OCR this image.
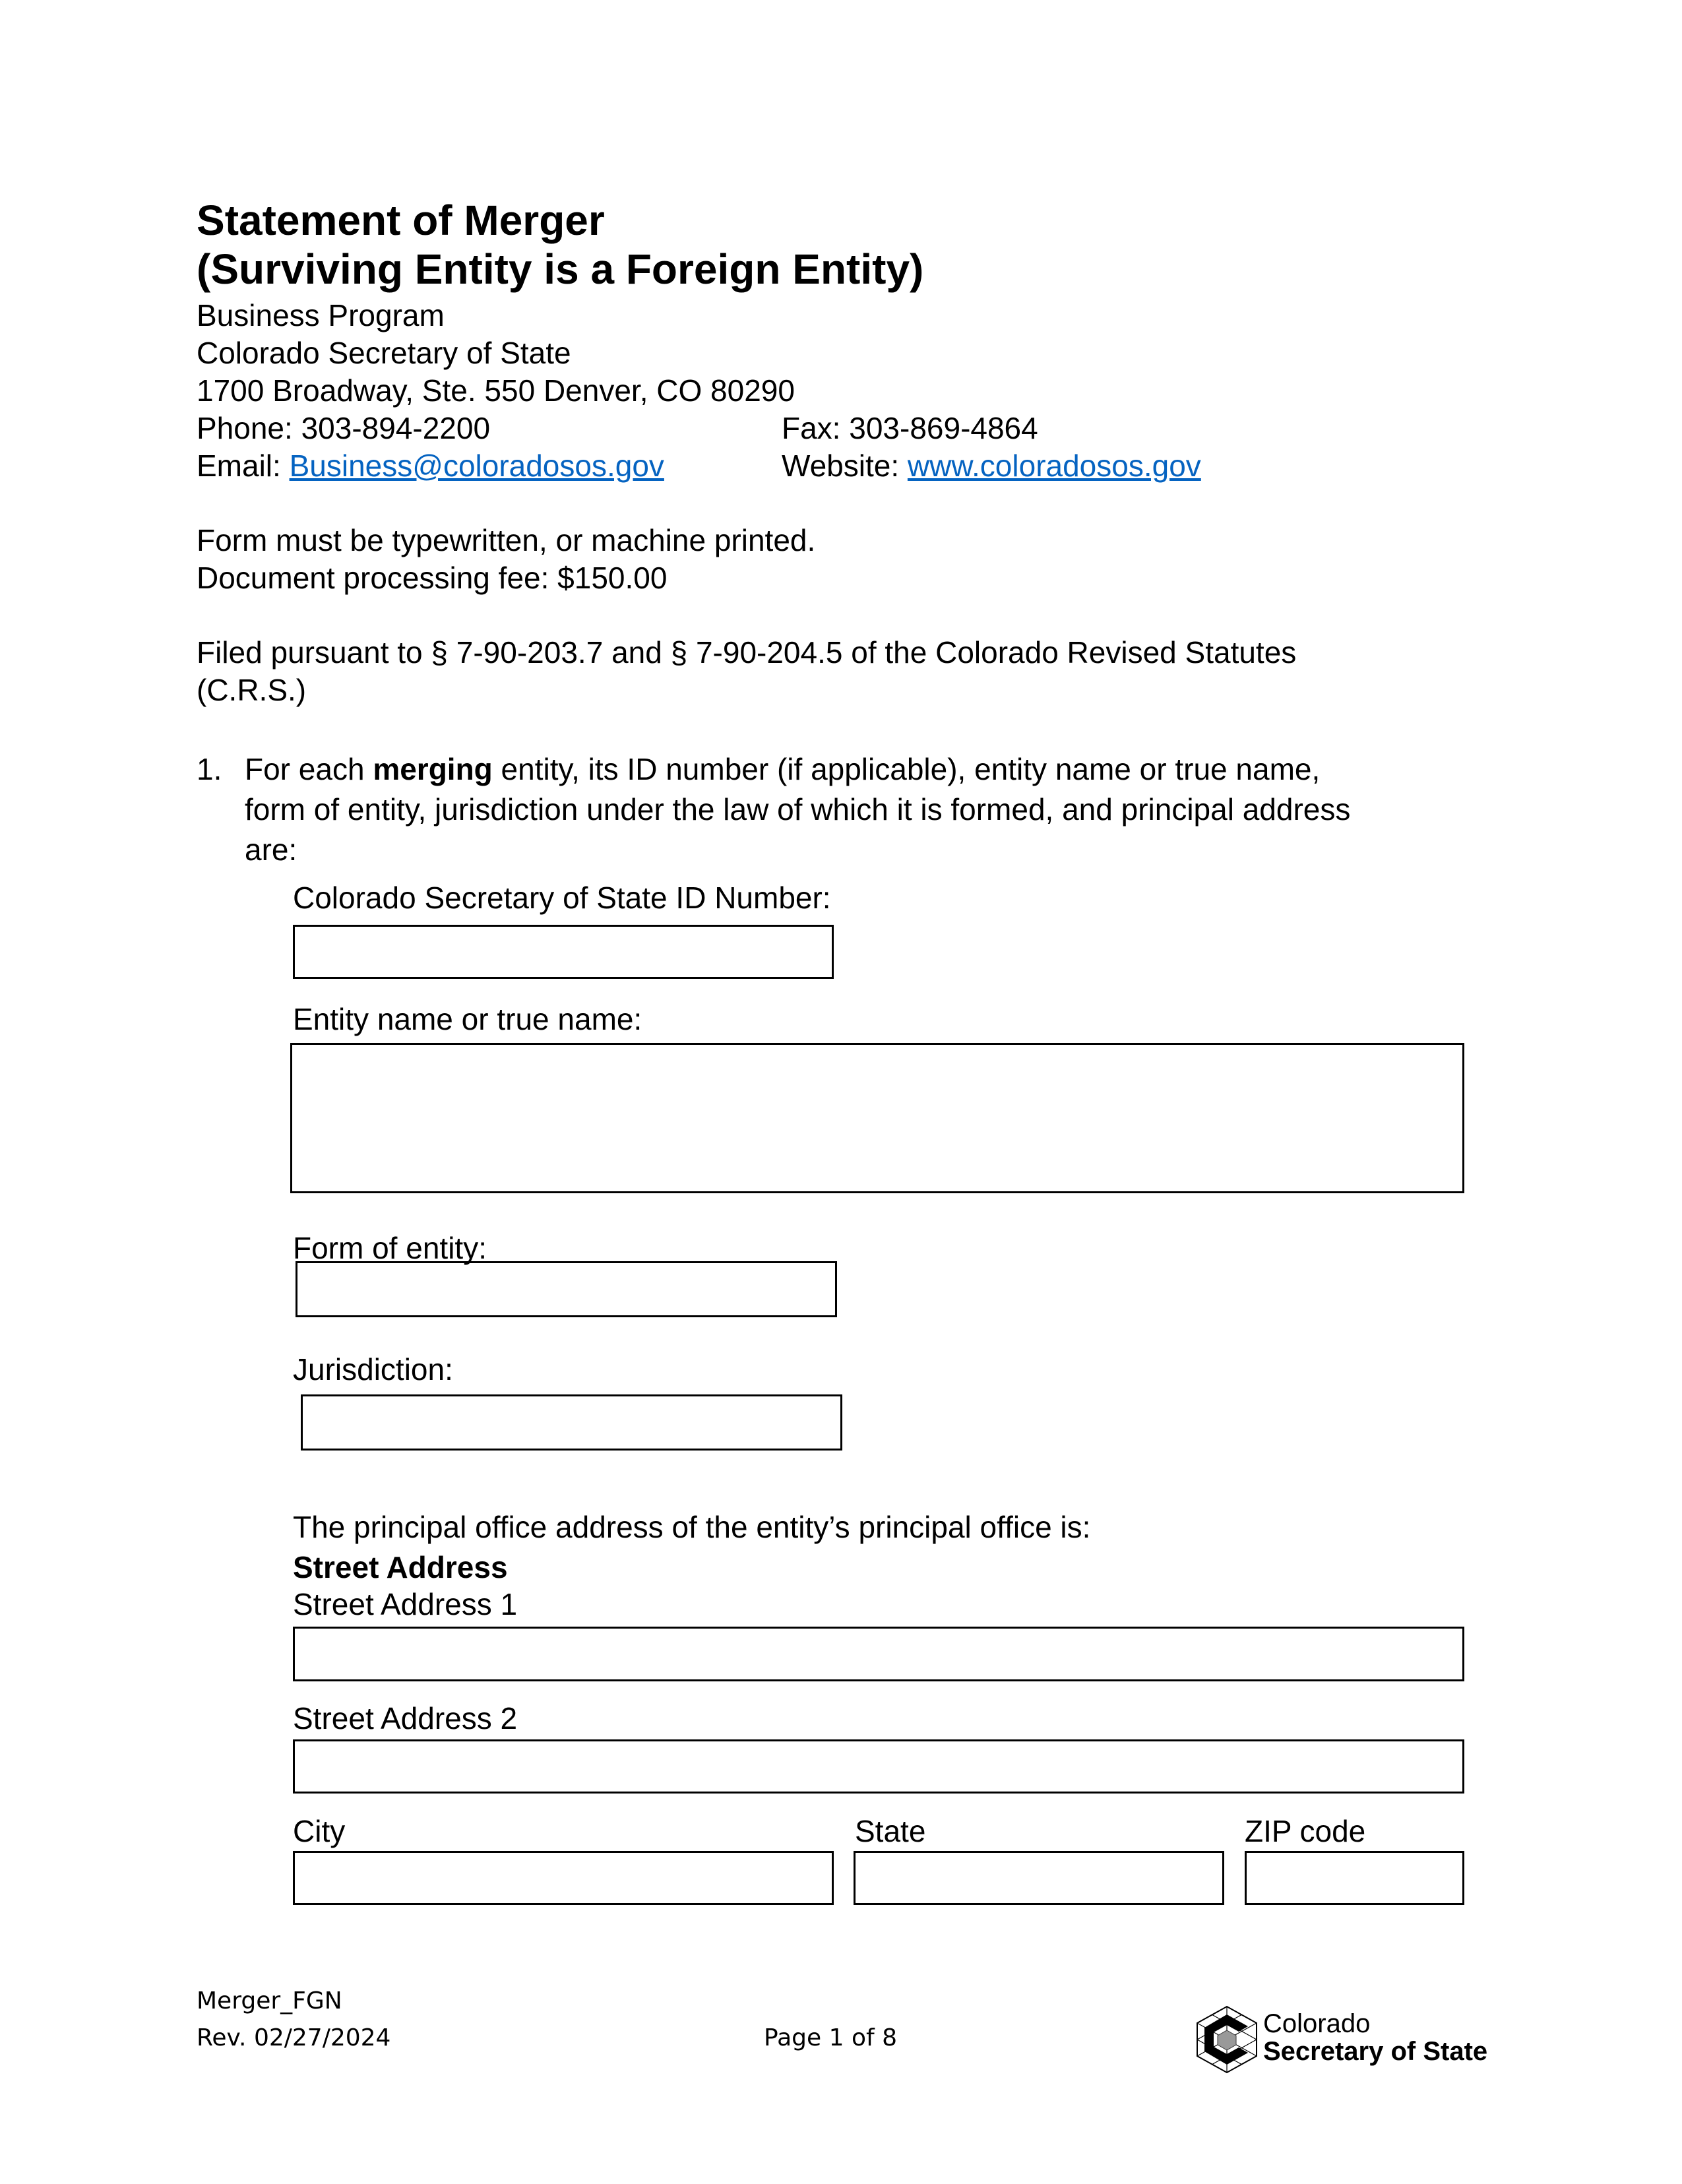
Statement of Merger
(Surviving Entity is a Foreign Entity)
Business Program
Colorado Secretary of State
1700 Broadway, Ste. 550 Denver, CO 80290
Phone: 303-894-2200	Fax: 303-869-4864
Email: Business@coloradosos.gov	Website: www.coloradosos.gov
Form must be typewritten, or machine printed.
Document processing fee: $150.00
Filed pursuant to § 7-90-203.7 and § 7-90-204.5 of the Colorado Revised Statutes
(C.R.S.)
1. For each merging entity, its ID number (if applicable), entity name or true name,
form of entity, jurisdiction under the law of which it is formed, and principal address
are:
Colorado Secretary of State ID Number:
Entity name or true name:
Form of entity:
Jurisdiction:
The principal office address of the entity’s principal office is:
Street Address
Street Address 1
Street Address 2
City	State	ZIP code
Merger_FGN
Rev. 02/27/2024	Page 1 of 8	Colorado
Secretary of State
